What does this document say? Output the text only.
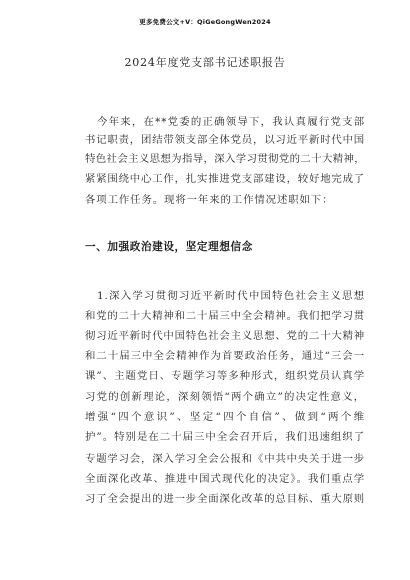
更多免费公文+V：QiGeGongWen2024
2024年度党支部书记述职报告
今年来，在**党委的正确领导下，我认真履行党支部
书记职责，团结带领支部全体党员，以习近平新时代中国
特色社会主义思想为指导，深入学习贯彻党的二十大精神，
紧紧围绕中心工作，扎实推进党支部建设，较好地完成了
各项工作任务。现将一年来的工作情况述职如下：
一、加强政治建设，坚定理想信念
1.深入学习贯彻习近平新时代中国特色社会主义思想
和党的二十大精神和二十届三中全会精神。我们把学习贯
彻习近平新时代中国特色社会主义思想、党的二十大精神
和二十届三中全会精神作为首要政治任务，通过“三会一
课”、主题党日、专题学习等多种形式，组织党员认真学
习党的创新理论，深刻领悟“两个确立”的决定性意义，
增强“四个意识”、坚定“四个自信”、做到“两个维
护”。特别是在二十届三中全会召开后，我们迅速组织了
专题学习会，深入学习全会公报和《中共中央关于进一步
全面深化改革、推进中国式现代化的决定》。我们重点学
习了全会提出的进一步全面深化改革的总目标、重大原则
